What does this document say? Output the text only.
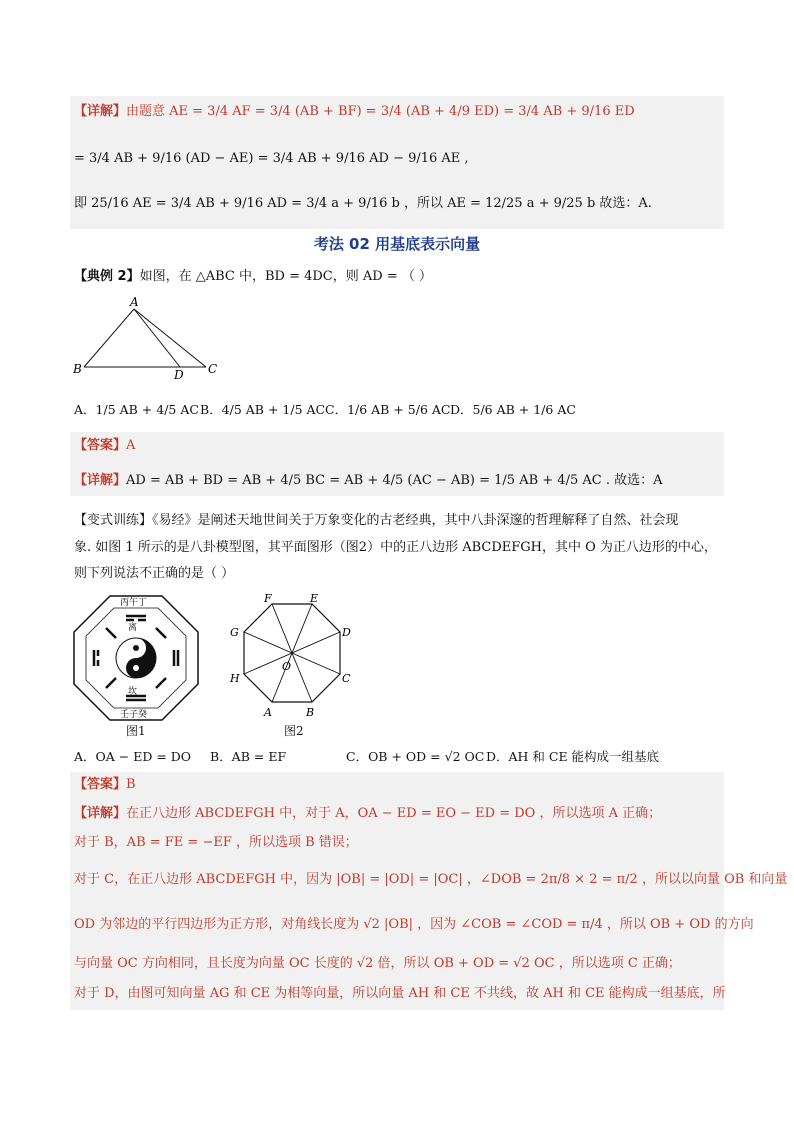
【详解】由题意 AE = 3/4 AF = 3/4 (AB + BF) = 3/4 (AB + 4/9 ED) = 3/4 AB + 9/16 ED
= 3/4 AB + 9/16 (AD − AE) = 3/4 AB + 9/16 AD − 9/16 AE ,
即 25/16 AE = 3/4 AB + 9/16 AD = 3/4 a + 9/16 b ，所以 AE = 12/25 a + 9/25 b 故选：A.
考法 02 用基底表示向量
【典例 2】如图，在 △ABC 中，BD = 4DC，则 AD = （ ）
A
B	D C
A．1/5 AB + 4/5 AC B．4/5 AB + 1/5 AC C．1/6 AB + 5/6 AC D．5/6 AB + 1/6 AC
【答案】A
【详解】AD = AB + BD = AB + 4/5 BC = AB + 4/5 (AC − AB) = 1/5 AB + 4/5 AC . 故选：A
【变式训练】《易经》是阐述天地世间关于万象变化的古老经典，其中八卦深邃的哲理解释了自然、社会现
象. 如图 1 所示的是八卦模型图，其平面图形（图2）中的正八边形 ABCDEFGH，其中 O 为正八边形的中心，
则下列说法不正确的是（ ）
丙午丁
壬子癸
离
坎
图1
F	E
D
C
B
A
H
G
O
图2
A．OA − ED = DO B．AB = EF	C．OB + OD = √2 OC D．AH 和 CE 能构成一组基底
【答案】B
【详解】在正八边形 ABCDEFGH 中，对于 A，OA − ED = EO − ED = DO ，所以选项 A 正确；
对于 B，AB = FE = −EF ，所以选项 B 错误；
对于 C，在正八边形 ABCDEFGH 中，因为 |OB| = |OD| = |OC| ，∠DOB = 2π/8 × 2 = π/2 ，所以以向量 OB 和向量
OD 为邻边的平行四边形为正方形，对角线长度为 √2 |OB| ，因为 ∠COB = ∠COD = π/4 ，所以 OB + OD 的方向
与向量 OC 方向相同，且长度为向量 OC 长度的 √2 倍，所以 OB + OD = √2 OC ，所以选项 C 正确；
对于 D，由图可知向量 AG 和 CE 为相等向量，所以向量 AH 和 CE 不共线，故 AH 和 CE 能构成一组基底，所
